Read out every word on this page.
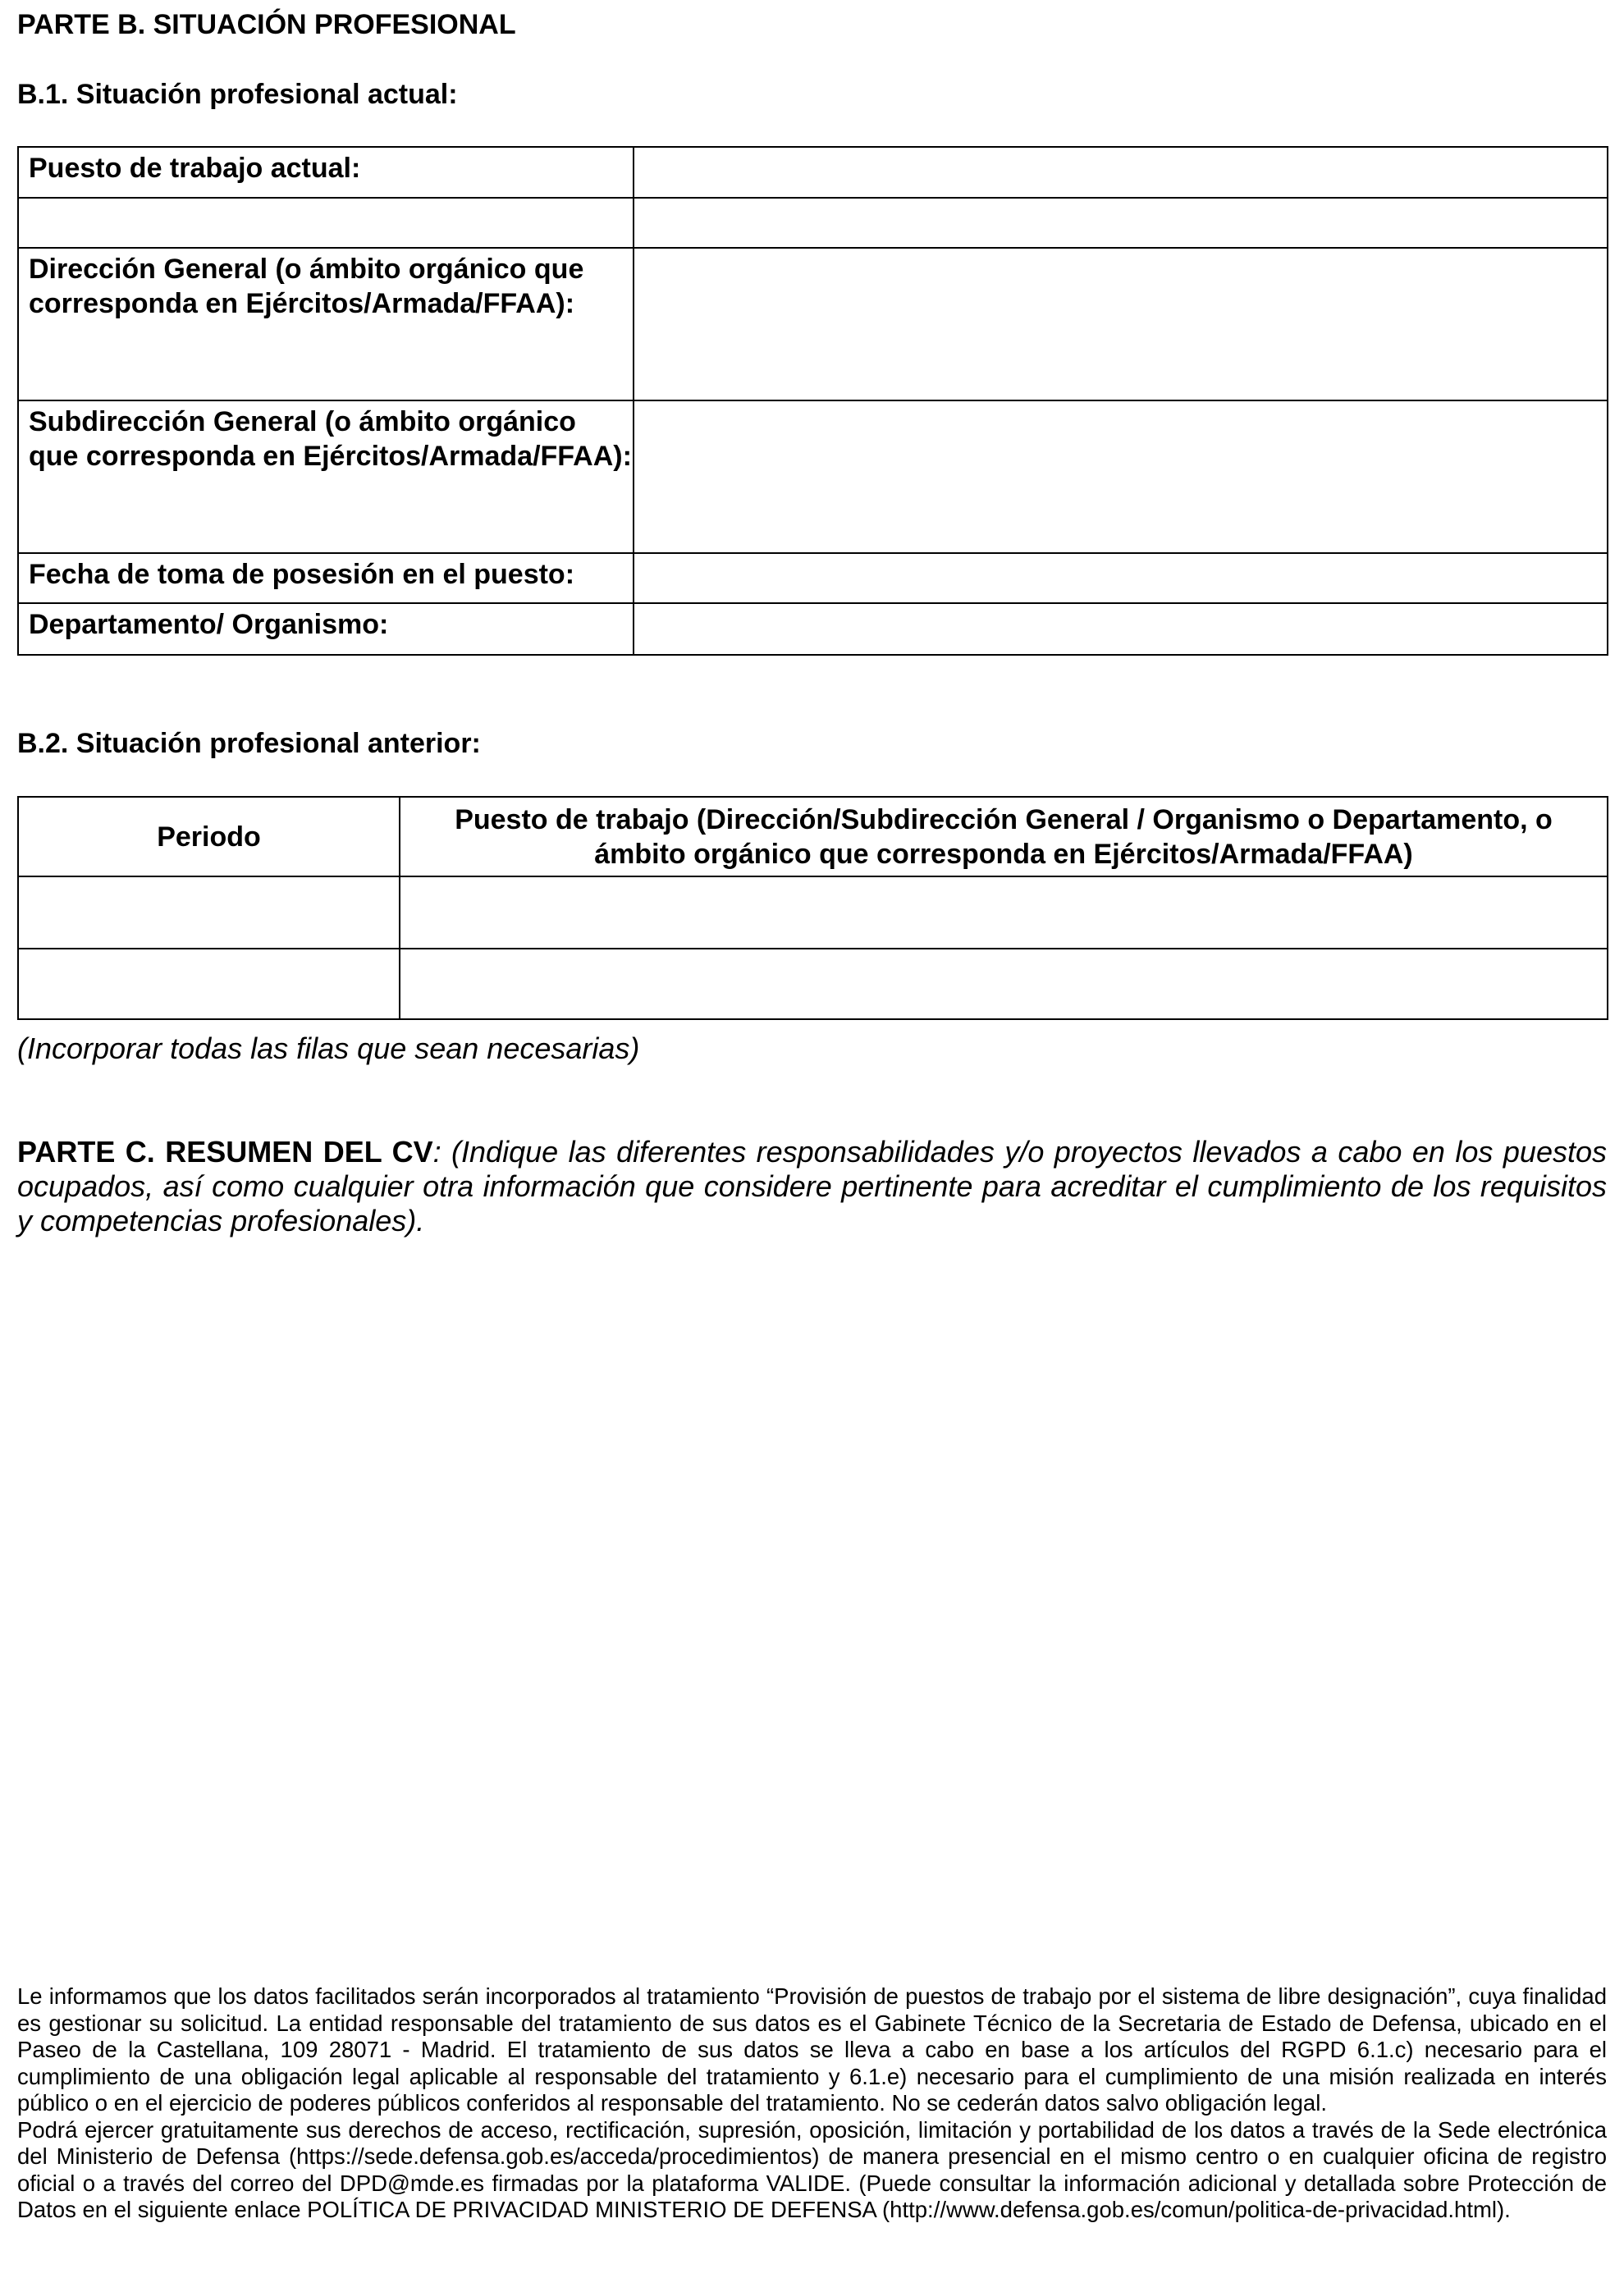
PARTE B. SITUACIÓN PROFESIONAL
B.1. Situación profesional actual:
Puesto de trabajo actual:	

Dirección General (o ámbito orgánico que corresponda en Ejércitos/Armada/FFAA):	
Subdirección General (o ámbito orgánico que corresponda en Ejércitos/Armada/FFAA):	
Fecha de toma de posesión en el puesto:	
Departamento/ Organismo:	
B.2. Situación profesional anterior:
Periodo	Puesto de trabajo (Dirección/Subdirección General / Organismo o Departamento, o ámbito orgánico que corresponda en Ejércitos/Armada/FFAA)

(Incorporar todas las filas que sean necesarias)
PARTE C. RESUMEN DEL CV: (Indique las diferentes responsabilidades y/o proyectos llevados a cabo en los puestos ocupados, así como cualquier otra información que considere pertinente para acreditar el cumplimiento de los requisitos y competencias profesionales).

Le informamos que los datos facilitados serán incorporados al tratamiento “Provisión de puestos de trabajo por el sistema de libre designación”, cuya finalidad es gestionar su solicitud. La entidad responsable del tratamiento de sus datos es el Gabinete Técnico de la Secretaria de Estado de Defensa, ubicado en el Paseo de la Castellana, 109 28071 - Madrid. El tratamiento de sus datos se lleva a cabo en base a los artículos del RGPD 6.1.c) necesario para el cumplimiento de una obligación legal aplicable al responsable del tratamiento y 6.1.e) necesario para el cumplimiento de una misión realizada en interés público o en el ejercicio de poderes públicos conferidos al responsable del tratamiento. No se cederán datos salvo obligación legal.

Podrá ejercer gratuitamente sus derechos de acceso, rectificación, supresión, oposición, limitación y portabilidad de los datos a través de la Sede electrónica del Ministerio de Defensa (https://sede.defensa.gob.es/acceda/procedimientos) de manera presencial en el mismo centro o en cualquier oficina de registro oficial o a través del correo del DPD@mde.es firmadas por la plataforma VALIDE. (Puede consultar la información adicional y detallada sobre Protección de Datos en el siguiente enlace POLÍTICA DE PRIVACIDAD MINISTERIO DE DEFENSA (http://www.defensa.gob.es/comun/politica-de-privacidad.html).
